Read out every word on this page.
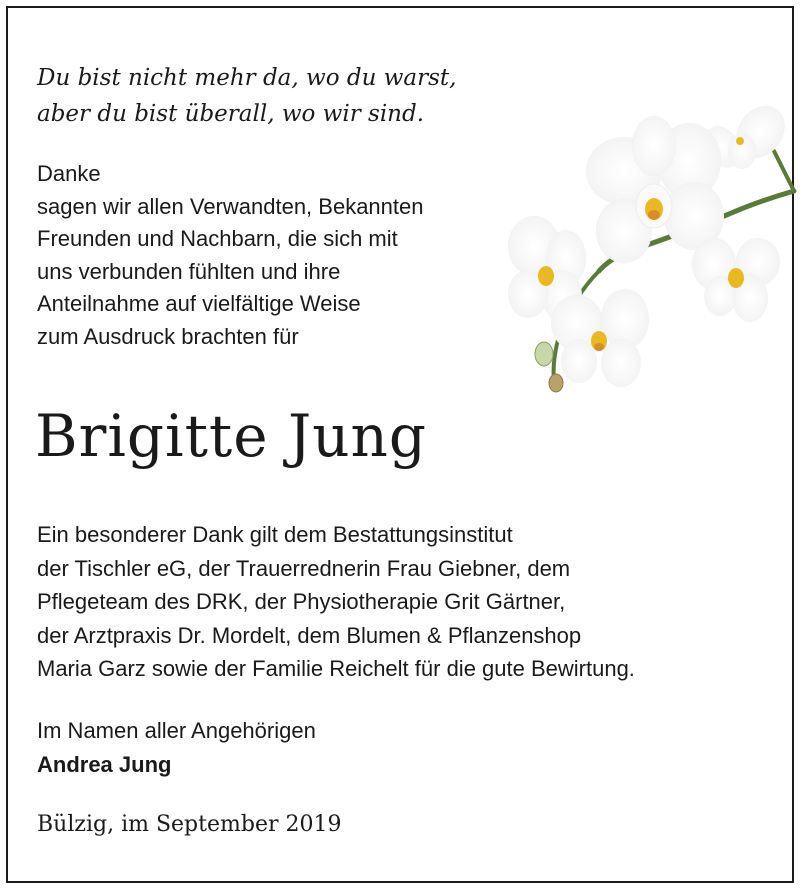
Du bist nicht mehr da, wo du warst,
aber du bist überall, wo wir sind.
Danke
sagen wir allen Verwandten, Bekannten
Freunden und Nachbarn, die sich mit
uns verbunden fühlten und ihre
Anteilnahme auf vielfältige Weise
zum Ausdruck brachten für
Brigitte Jung
Ein besonderer Dank gilt dem Bestattungsinstitut
der Tischler eG, der Trauerrednerin Frau Giebner, dem
Pflegeteam des DRK, der Physiotherapie Grit Gärtner,
der Arztpraxis Dr. Mordelt, dem Blumen & Pflanzenshop
Maria Garz sowie der Familie Reichelt für die gute Bewirtung.
Im Namen aller Angehörigen
Andrea Jung
Bülzig, im September 2019
